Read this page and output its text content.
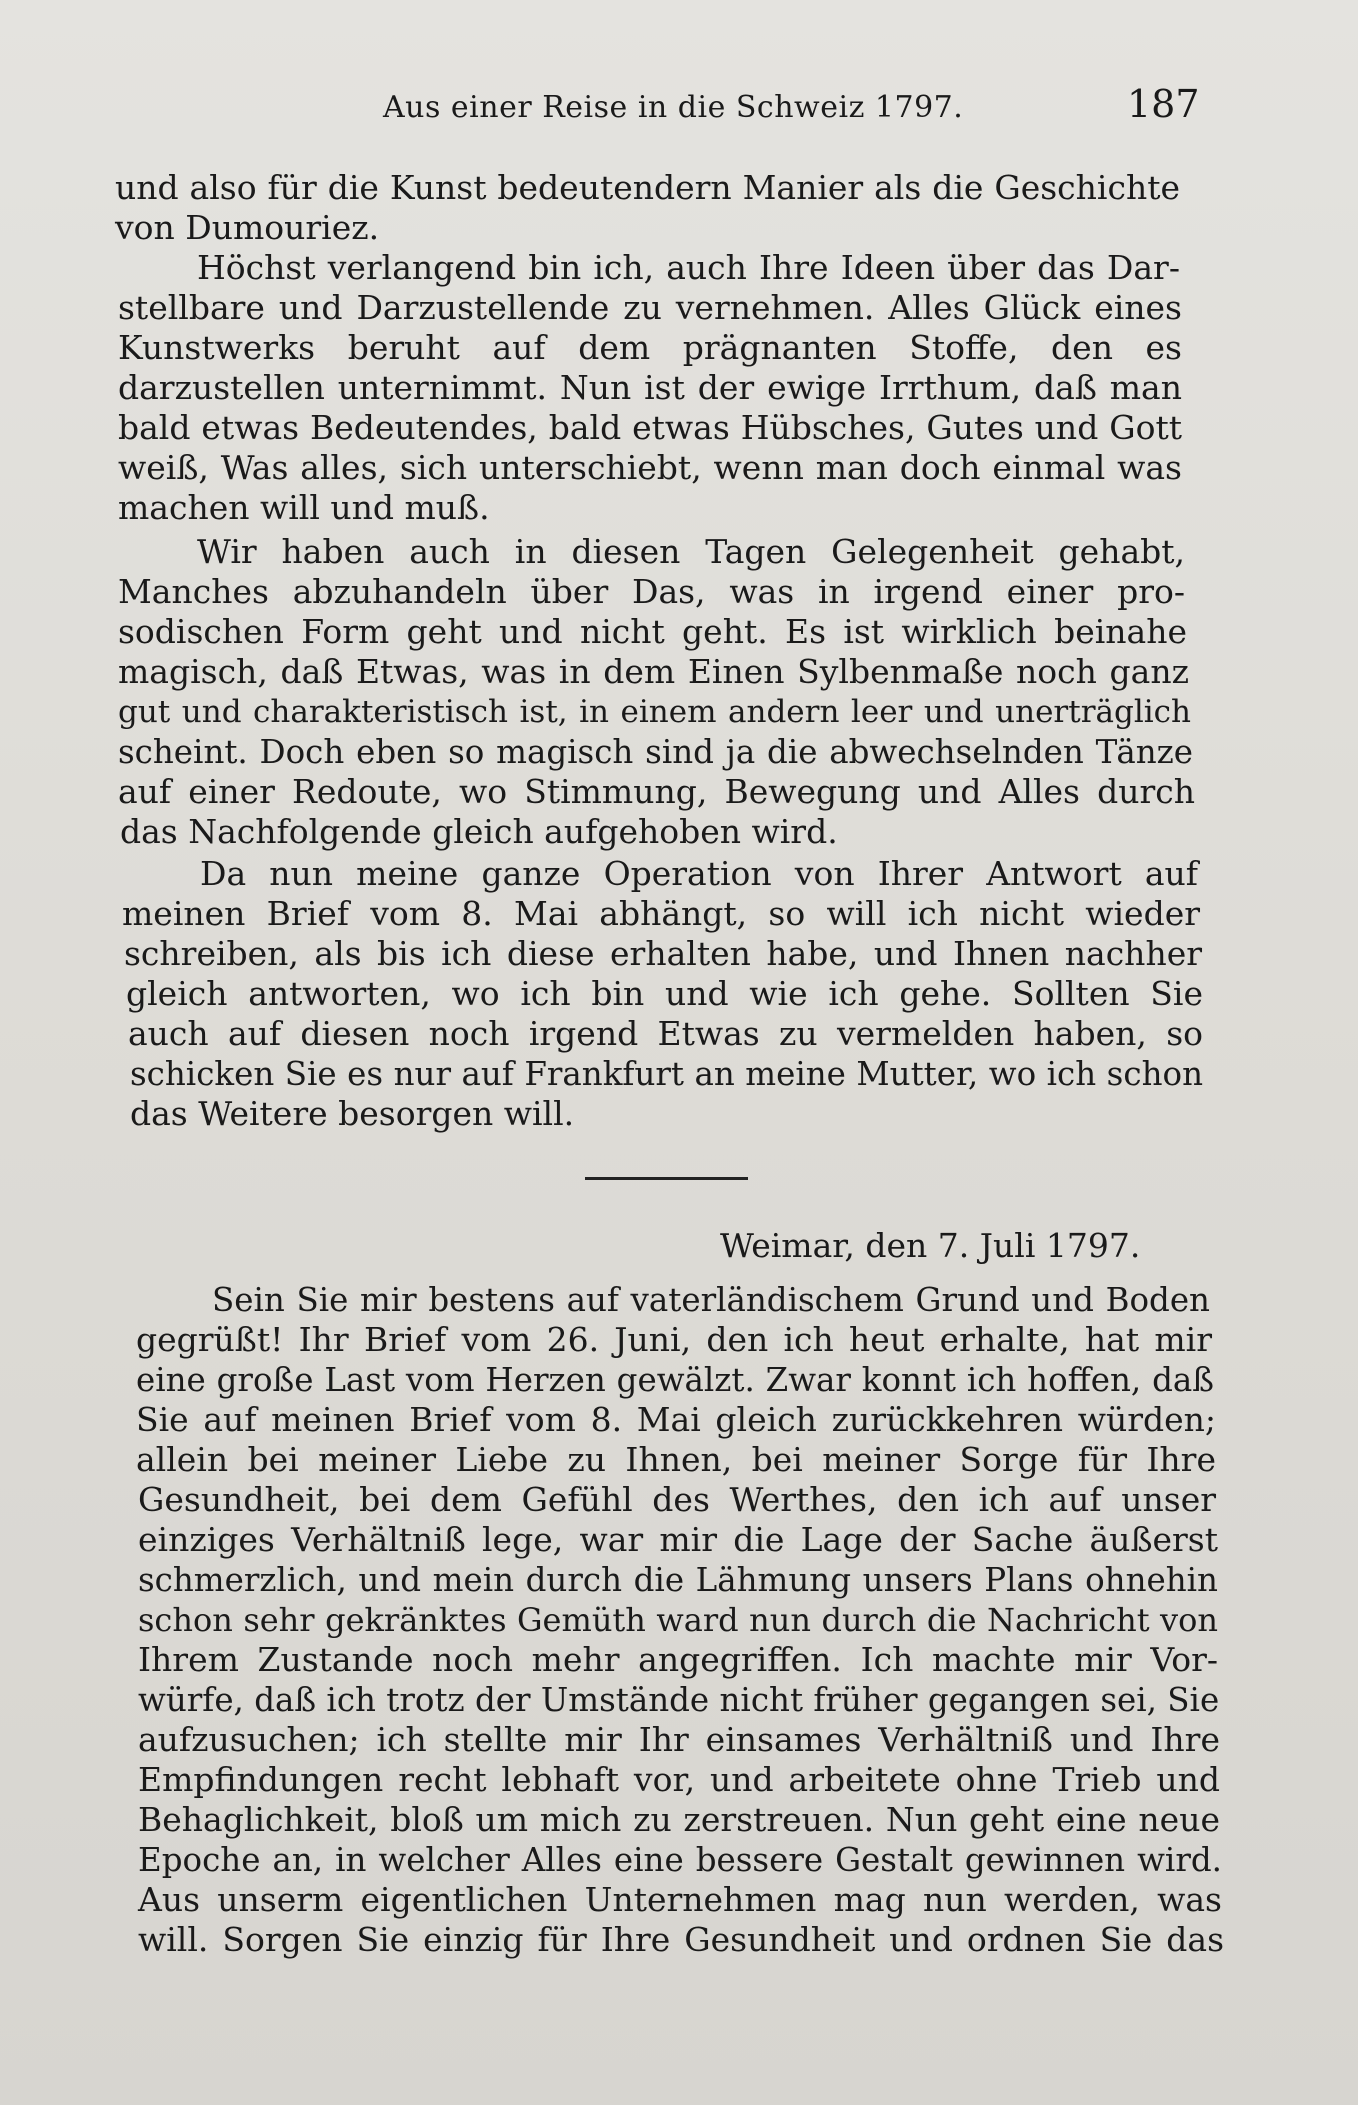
Aus einer Reise in die Schweiz 1797.	187
und also für die Kunst bedeutendern Manier als die Geschichte
von Dumouriez.
Höchst verlangend bin ich, auch Ihre Ideen über das Dar-
stellbare und Darzustellende zu vernehmen. Alles Glück eines
Kunstwerks beruht auf dem prägnanten Stoffe, den es
darzustellen unternimmt. Nun ist der ewige Irrthum, daß man
bald etwas Bedeutendes, bald etwas Hübsches, Gutes und Gott
weiß, Was alles, sich unterschiebt, wenn man doch einmal was
machen will und muß.
Wir haben auch in diesen Tagen Gelegenheit gehabt,
Manches abzuhandeln über Das, was in irgend einer pro-
sodischen Form geht und nicht geht. Es ist wirklich beinahe
magisch, daß Etwas, was in dem Einen Sylbenmaße noch ganz
gut und charakteristisch ist, in einem andern leer und unerträglich
scheint. Doch eben so magisch sind ja die abwechselnden Tänze
auf einer Redoute, wo Stimmung, Bewegung und Alles durch
das Nachfolgende gleich aufgehoben wird.
Da nun meine ganze Operation von Ihrer Antwort auf
meinen Brief vom 8. Mai abhängt, so will ich nicht wieder
schreiben, als bis ich diese erhalten habe, und Ihnen nachher
gleich antworten, wo ich bin und wie ich gehe. Sollten Sie
auch auf diesen noch irgend Etwas zu vermelden haben, so
schicken Sie es nur auf Frankfurt an meine Mutter, wo ich schon
das Weitere besorgen will.
Weimar, den 7. Juli 1797.
Sein Sie mir bestens auf vaterländischem Grund und Boden
gegrüßt! Ihr Brief vom 26. Juni, den ich heut erhalte, hat mir
eine große Last vom Herzen gewälzt. Zwar konnt ich hoffen, daß
Sie auf meinen Brief vom 8. Mai gleich zurückkehren würden;
allein bei meiner Liebe zu Ihnen, bei meiner Sorge für Ihre
Gesundheit, bei dem Gefühl des Werthes, den ich auf unser
einziges Verhältniß lege, war mir die Lage der Sache äußerst
schmerzlich, und mein durch die Lähmung unsers Plans ohnehin
schon sehr gekränktes Gemüth ward nun durch die Nachricht von
Ihrem Zustande noch mehr angegriffen. Ich machte mir Vor-
würfe, daß ich trotz der Umstände nicht früher gegangen sei, Sie
aufzusuchen; ich stellte mir Ihr einsames Verhältniß und Ihre
Empfindungen recht lebhaft vor, und arbeitete ohne Trieb und
Behaglichkeit, bloß um mich zu zerstreuen. Nun geht eine neue
Epoche an, in welcher Alles eine bessere Gestalt gewinnen wird.
Aus unserm eigentlichen Unternehmen mag nun werden, was
will. Sorgen Sie einzig für Ihre Gesundheit und ordnen Sie das
